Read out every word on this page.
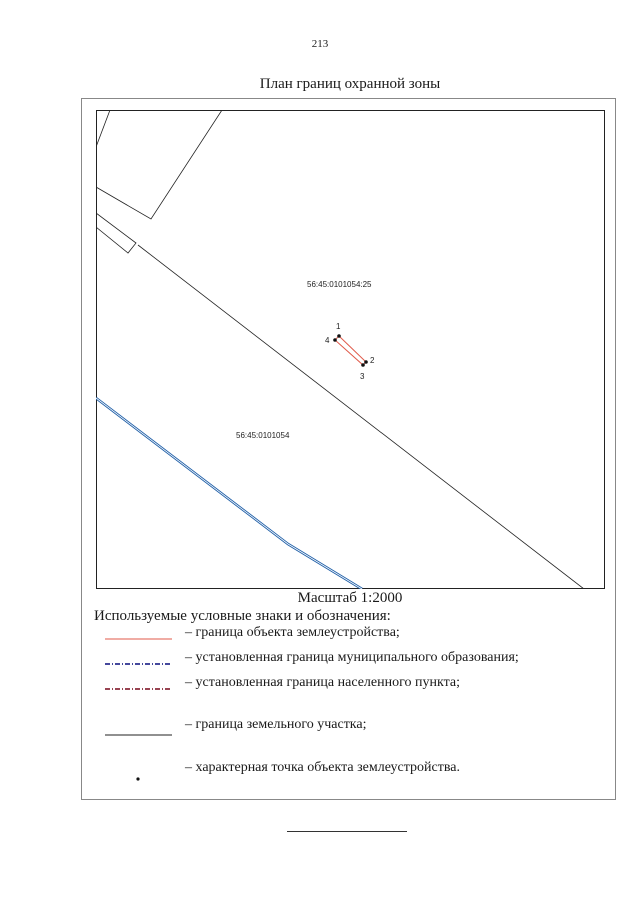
213
План границ охранной зоны
56:45:0101054:25
56:45:0101054
1
2
3
4
Масштаб 1:2000
Используемые условные знаки и обозначения:
– граница объекта землеустройства;
– установленная граница муниципального образования;
– установленная граница населенного пункта;
– граница земельного участка;
– характерная точка объекта землеустройства.
